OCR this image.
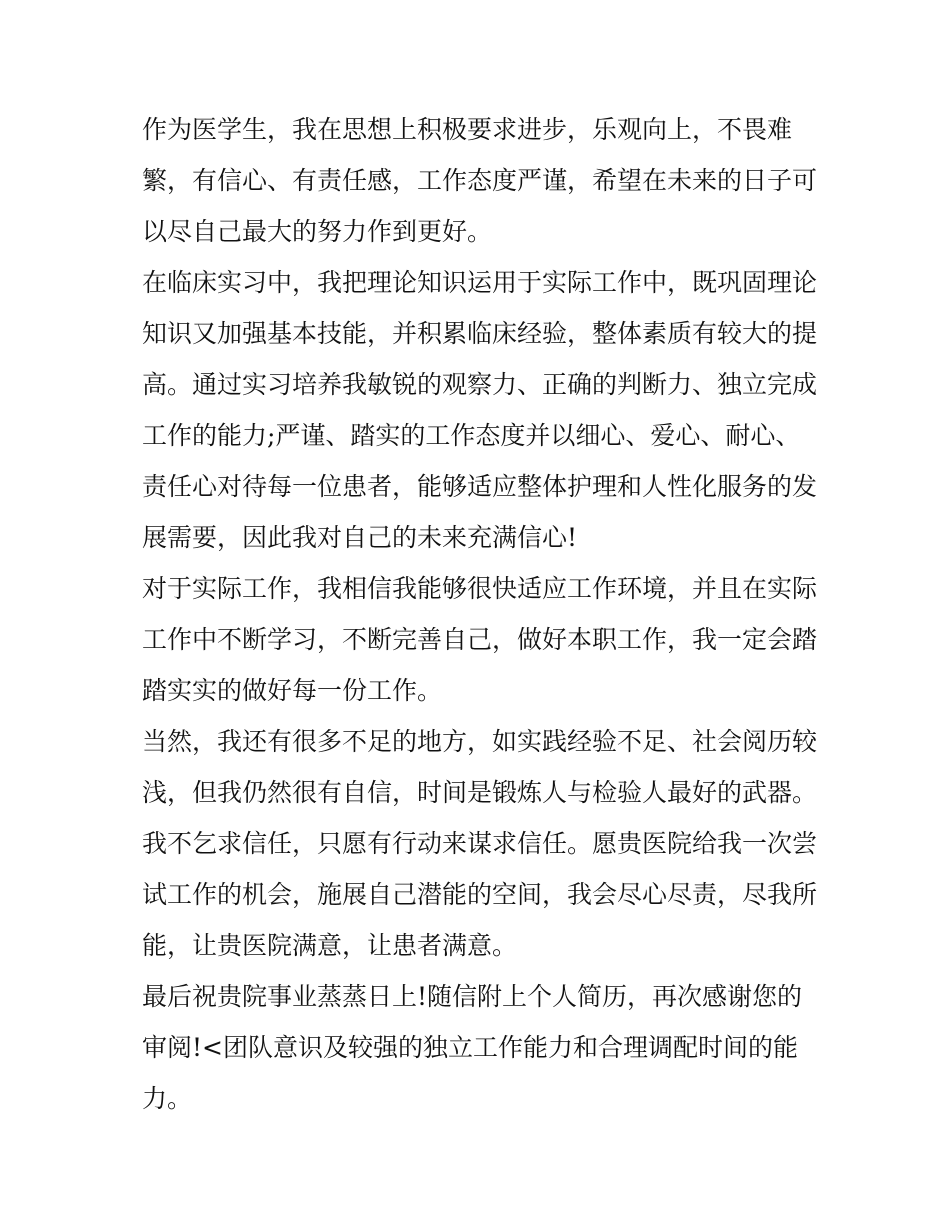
作为医学生，我在思想上积极要求进步，乐观向上，不畏难繁，有信心、有责任感，工作态度严谨，希望在未来的日子可以尽自己最大的努力作到更好。

在临床实习中，我把理论知识运用于实际工作中，既巩固理论知识又加强基本技能，并积累临床经验，整体素质有较大的提高。通过实习培养我敏锐的观察力、正确的判断力、独立完成工作的能力;严谨、踏实的工作态度并以细心、爱心、耐心、责任心对待每一位患者，能够适应整体护理和人性化服务的发展需要，因此我对自己的未来充满信心!

对于实际工作，我相信我能够很快适应工作环境，并且在实际工作中不断学习，不断完善自己，做好本职工作，我一定会踏踏实实的做好每一份工作。

当然，我还有很多不足的地方，如实践经验不足、社会阅历较浅，但我仍然很有自信，时间是锻炼人与检验人最好的武器。

我不乞求信任，只愿有行动来谋求信任。愿贵医院给我一次尝试工作的机会，施展自己潜能的空间，我会尽心尽责，尽我所能，让贵医院满意，让患者满意。

最后祝贵院事业蒸蒸日上!随信附上个人简历，再次感谢您的审阅!<团队意识及较强的独立工作能力和合理调配时间的能力。
